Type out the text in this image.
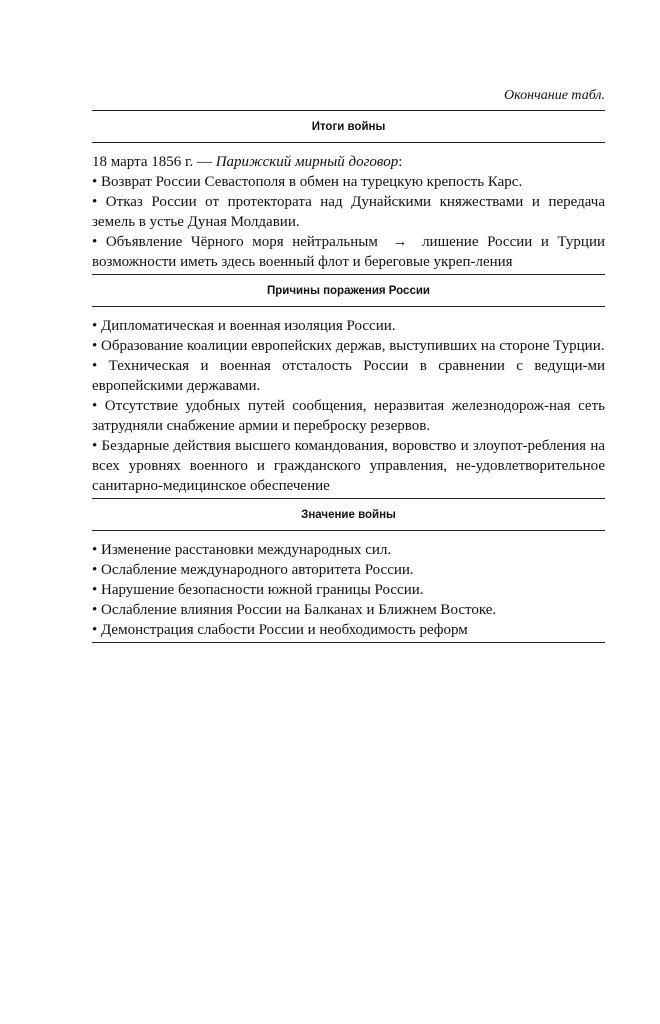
Окончание табл.
Итоги войны

18 марта 1856 г. — Парижский мирный договор:

• Возврат России Севастополя в обмен на турецкую крепость Карс.

• Отказ России от протектората над Дунайскими княжествами и передача земель в устье Дуная Молдавии.

• Объявление Чёрного моря нейтральным → лишение России и Турции возможности иметь здесь военный флот и береговые укреп-ления

Причины поражения России

• Дипломатическая и военная изоляция России.

• Образование коалиции европейских держав, выступивших на стороне Турции.

• Техническая и военная отсталость России в сравнении с ведущи-ми европейскими державами.

• Отсутствие удобных путей сообщения, неразвитая железнодорож-ная сеть затрудняли снабжение армии и переброску резервов.

• Бездарные действия высшего командования, воровство и злоупот-ребления на всех уровнях военного и гражданского управления, не-удовлетворительное санитарно-медицинское обеспечение

Значение войны

• Изменение расстановки международных сил.

• Ослабление международного авторитета России.

• Нарушение безопасности южной границы России.

• Ослабление влияния России на Балканах и Ближнем Востоке.

• Демонстрация слабости России и необходимость реформ
